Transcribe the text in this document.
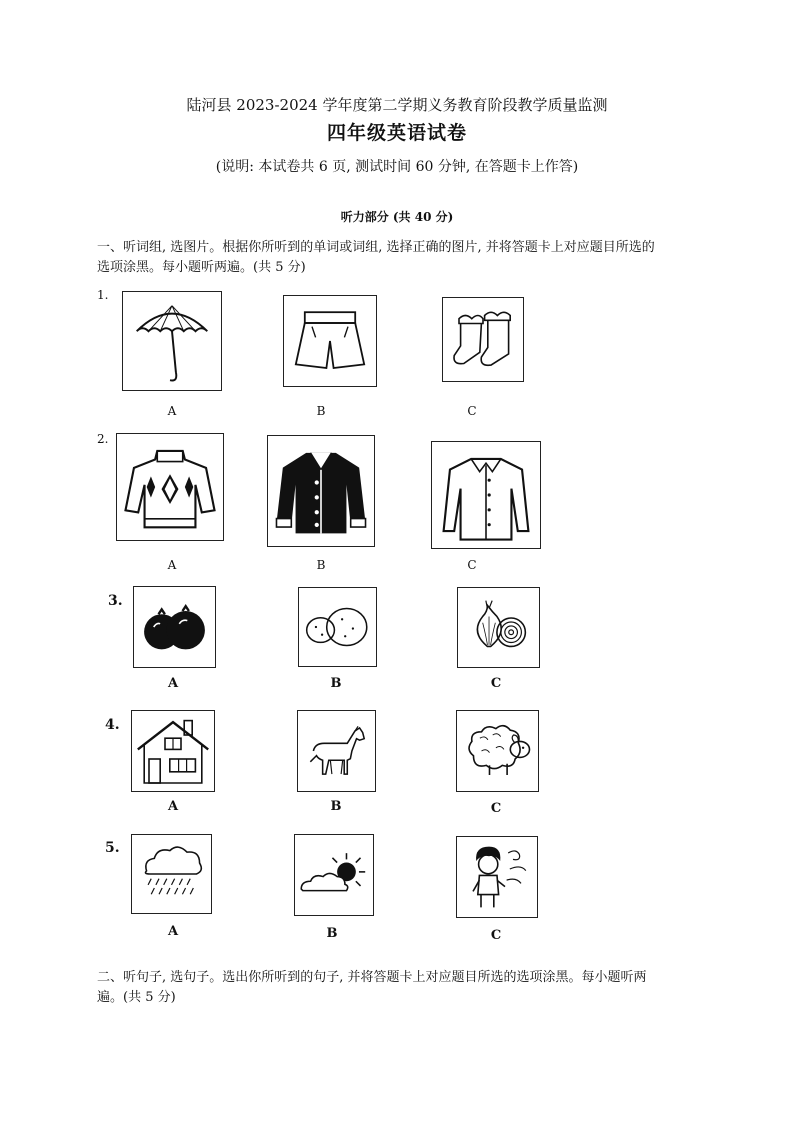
陆河县 2023-2024 学年度第二学期义务教育阶段教学质量监测
四年级英语试卷
(说明: 本试卷共 6 页, 测试时间 60 分钟, 在答题卡上作答)
听力部分 (共 40 分)
一、听词组, 选图片。根据你所听到的单词或词组, 选择正确的图片, 并将答题卡上对应题目所选的
选项涂黑。每小题听两遍。(共 5 分)
1.
A	B	C
2.
A	B	C
3.
A	B	C
4.
A	B	C
5.
A	B	C
二、听句子, 选句子。选出你所听到的句子, 并将答题卡上对应题目所选的选项涂黑。每小题听两
遍。(共 5 分)
